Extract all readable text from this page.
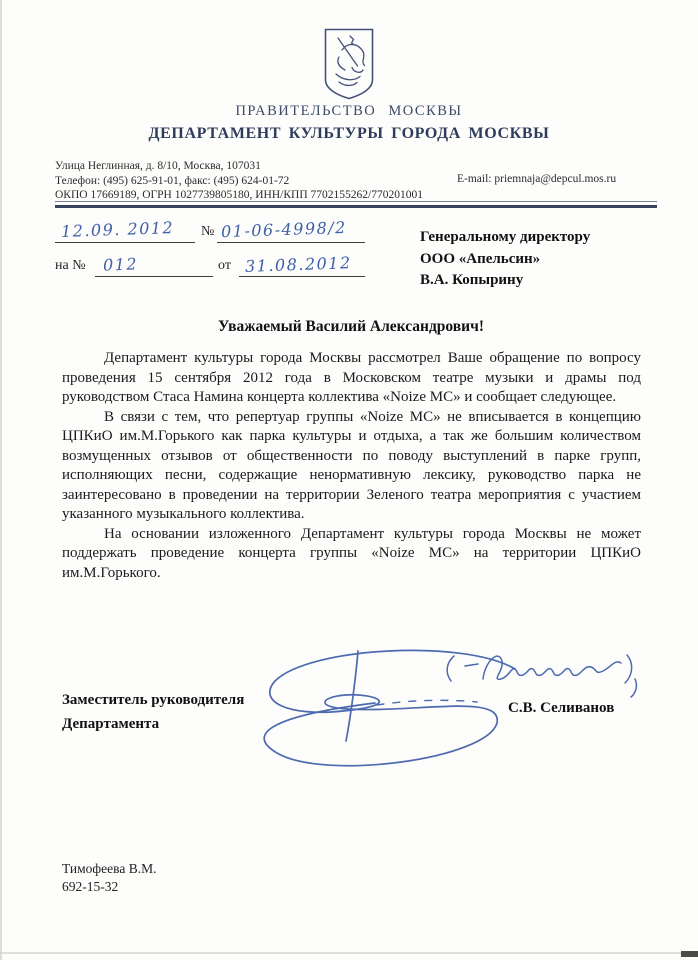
ПРАВИТЕЛЬСТВО МОСКВЫ
ДЕПАРТАМЕНТ КУЛЬТУРЫ ГОРОДА МОСКВЫ
Улица Неглинная, д. 8/10, Москва, 107031
Телефон: (495) 625-91-01, факс: (495) 624-01-72
ОКПО 17669189, ОГРН 1027739805180, ИНН/КПП 7702155262/770201001
E-mail: priemnaja@depcul.mos.ru
12.09. 2012 № 01-06-4998/2
на № 012	от 31.08.2012
Генеральному директору
ООО «Апельсин»
В.А. Копырину
Уважаемый Василий Александрович!

Департамент культуры города Москвы рассмотрел Ваше обращение по вопросу проведения 15 сентября 2012 года в Московском театре музыки и драмы под руководством Стаса Намина концерта коллектива «Noize MC» и сообщает следующее.

В связи с тем, что репертуар группы «Noize MC» не вписывается в концепцию ЦПКиО им.М.Горького как парка культуры и отдыха, а так же большим количеством возмущенных отзывов от общественности по поводу выступлений в парке групп, исполняющих песни, содержащие ненормативную лексику, руководство парка не заинтересовано в проведении на территории Зеленого театра мероприятия с участием указанного музыкального коллектива.

На основании изложенного Департамент культуры города Москвы не может поддержать проведение концерта группы «Noize MC» на территории ЦПКиО им.М.Горького.

Заместитель руководителя
Департамента
С.В. Селиванов
Тимофеева В.М.
692-15-32
